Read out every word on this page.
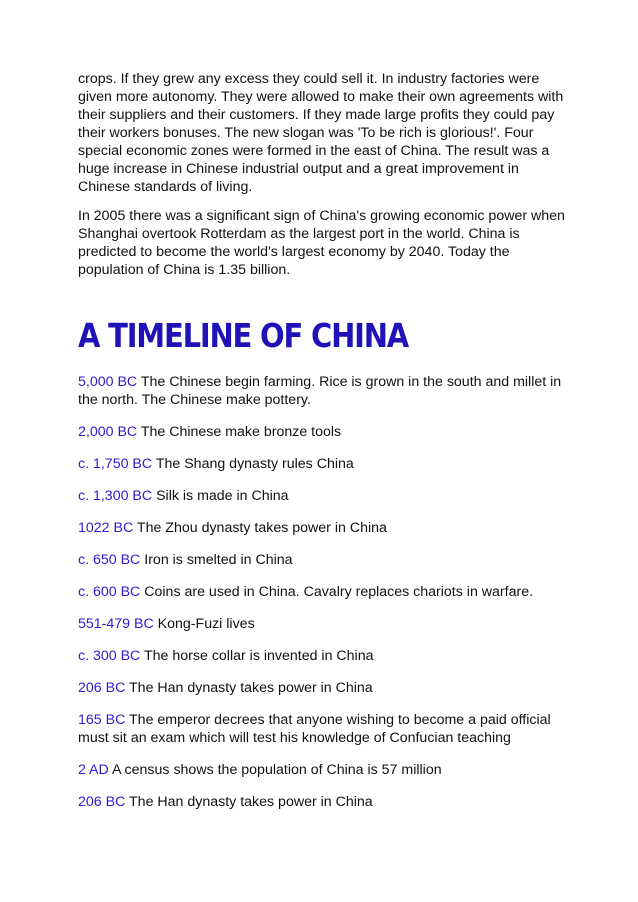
crops. If they grew any excess they could sell it. In industry factories were given more autonomy. They were allowed to make their own agreements with their suppliers and their customers. If they made large profits they could pay their workers bonuses. The new slogan was 'To be rich is glorious!'. Four special economic zones were formed in the east of China. The result was a huge increase in Chinese industrial output and a great improvement in Chinese standards of living.

In 2005 there was a significant sign of China's growing economic power when Shanghai overtook Rotterdam as the largest port in the world. China is predicted to become the world's largest economy by 2040. Today the population of China is 1.35 billion.

A TIMELINE OF CHINA

5,000 BC The Chinese begin farming. Rice is grown in the south and millet in the north. The Chinese make pottery.

2,000 BC The Chinese make bronze tools

c. 1,750 BC The Shang dynasty rules China

c. 1,300 BC Silk is made in China

1022 BC The Zhou dynasty takes power in China

c. 650 BC Iron is smelted in China

c. 600 BC Coins are used in China. Cavalry replaces chariots in warfare.

551-479 BC Kong-Fuzi lives

c. 300 BC The horse collar is invented in China

206 BC The Han dynasty takes power in China

165 BC The emperor decrees that anyone wishing to become a paid official must sit an exam which will test his knowledge of Confucian teaching

2 AD A census shows the population of China is 57 million

206 BC The Han dynasty takes power in China
